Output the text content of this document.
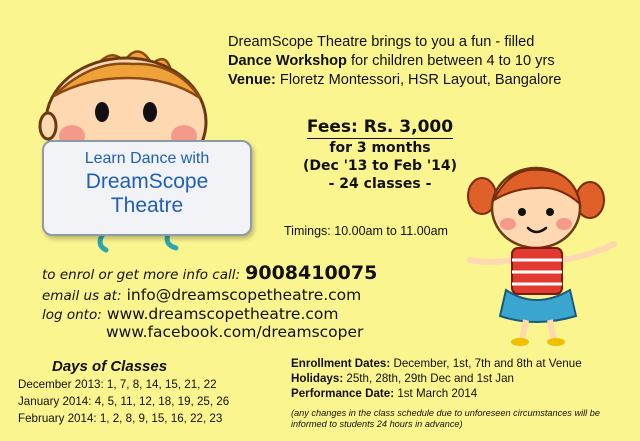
Learn Dance with
DreamScope
Theatre
DreamScope Theatre brings to you a fun - filled
Dance Workshop for children between 4 to 10 yrs
Venue: Floretz Montessori, HSR Layout, Bangalore
Fees: Rs. 3,000
for 3 months
(Dec '13 to Feb '14)
- 24 classes -
Timings: 10.00am to 11.00am
to enrol or get more info call: 9008410075
email us at: info@dreamscopetheatre.com
log onto: www.dreamscopetheatre.com
www.facebook.com/dreamscoper
Days of Classes
December 2013: 1, 7, 8, 14, 15, 21, 22
January 2014: 4, 5, 11, 12, 18, 19, 25, 26
February 2014: 1, 2, 8, 9, 15, 16, 22, 23
Enrollment Dates: December, 1st, 7th and 8th at Venue
Holidays: 25th, 28th, 29th Dec and 1st Jan
Performance Date: 1st March 2014
(any changes in the class schedule due to unforeseen circumstances will be informed to students 24 hours in advance)
